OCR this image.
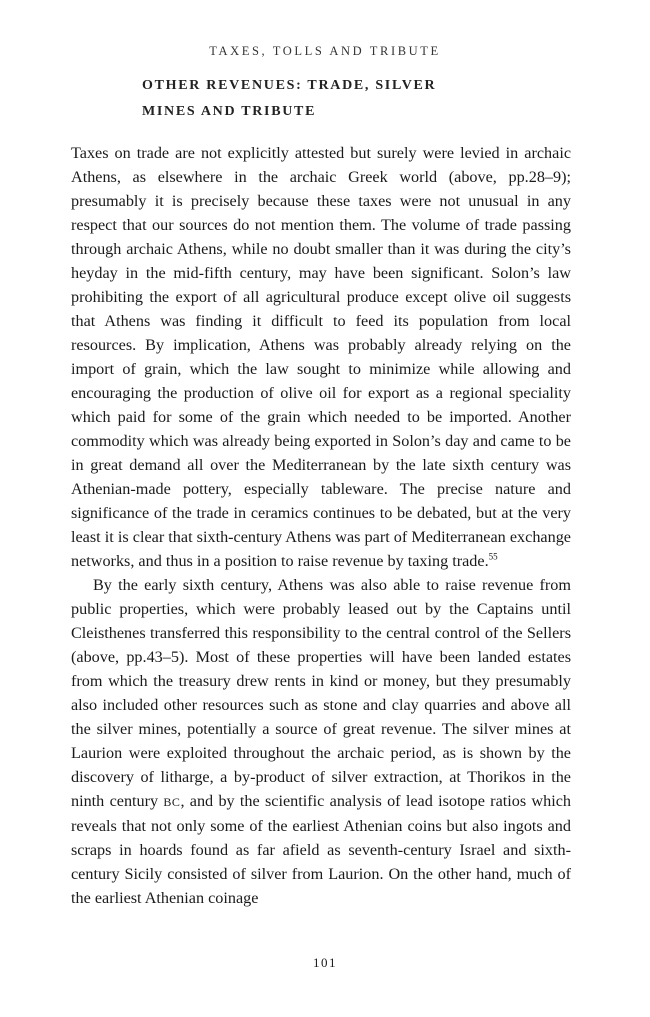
TAXES, TOLLS AND TRIBUTE

OTHER REVENUES: TRADE, SILVER
MINES AND TRIBUTE

Taxes on trade are not explicitly attested but surely were levied in archaic Athens, as elsewhere in the archaic Greek world (above, pp.28–9); presumably it is precisely because these taxes were not unusual in any respect that our sources do not mention them. The volume of trade passing through archaic Athens, while no doubt smaller than it was during the city’s heyday in the mid-fifth century, may have been significant. Solon’s law prohibiting the export of all agricultural produce except olive oil suggests that Athens was finding it difficult to feed its population from local resources. By implication, Athens was probably already relying on the import of grain, which the law sought to minimize while allowing and encouraging the production of olive oil for export as a regional speciality which paid for some of the grain which needed to be imported. Another commodity which was already being exported in Solon’s day and came to be in great demand all over the Mediterranean by the late sixth century was Athenian-made pottery, especially tableware. The precise nature and significance of the trade in ceramics continues to be debated, but at the very least it is clear that sixth-century Athens was part of Mediterranean exchange networks, and thus in a position to raise revenue by taxing trade.$^{55}$

By the early sixth century, Athens was also able to raise revenue from public properties, which were probably leased out by the Captains until Cleisthenes transferred this responsibility to the central control of the Sellers (above, pp.43–5). Most of these properties will have been landed estates from which the treasury drew rents in kind or money, but they presumably also included other resources such as stone and clay quarries and above all the silver mines, potentially a source of great revenue. The silver mines at Laurion were exploited throughout the archaic period, as is shown by the discovery of litharge, a by-product of silver extraction, at Thorikos in the ninth century BC, and by the scientific analysis of lead isotope ratios which reveals that not only some of the earliest Athenian coins but also ingots and scraps in hoards found as far afield as seventh-century Israel and sixth-century Sicily consisted of silver from Laurion. On the other hand, much of the earliest Athenian coinage

101
